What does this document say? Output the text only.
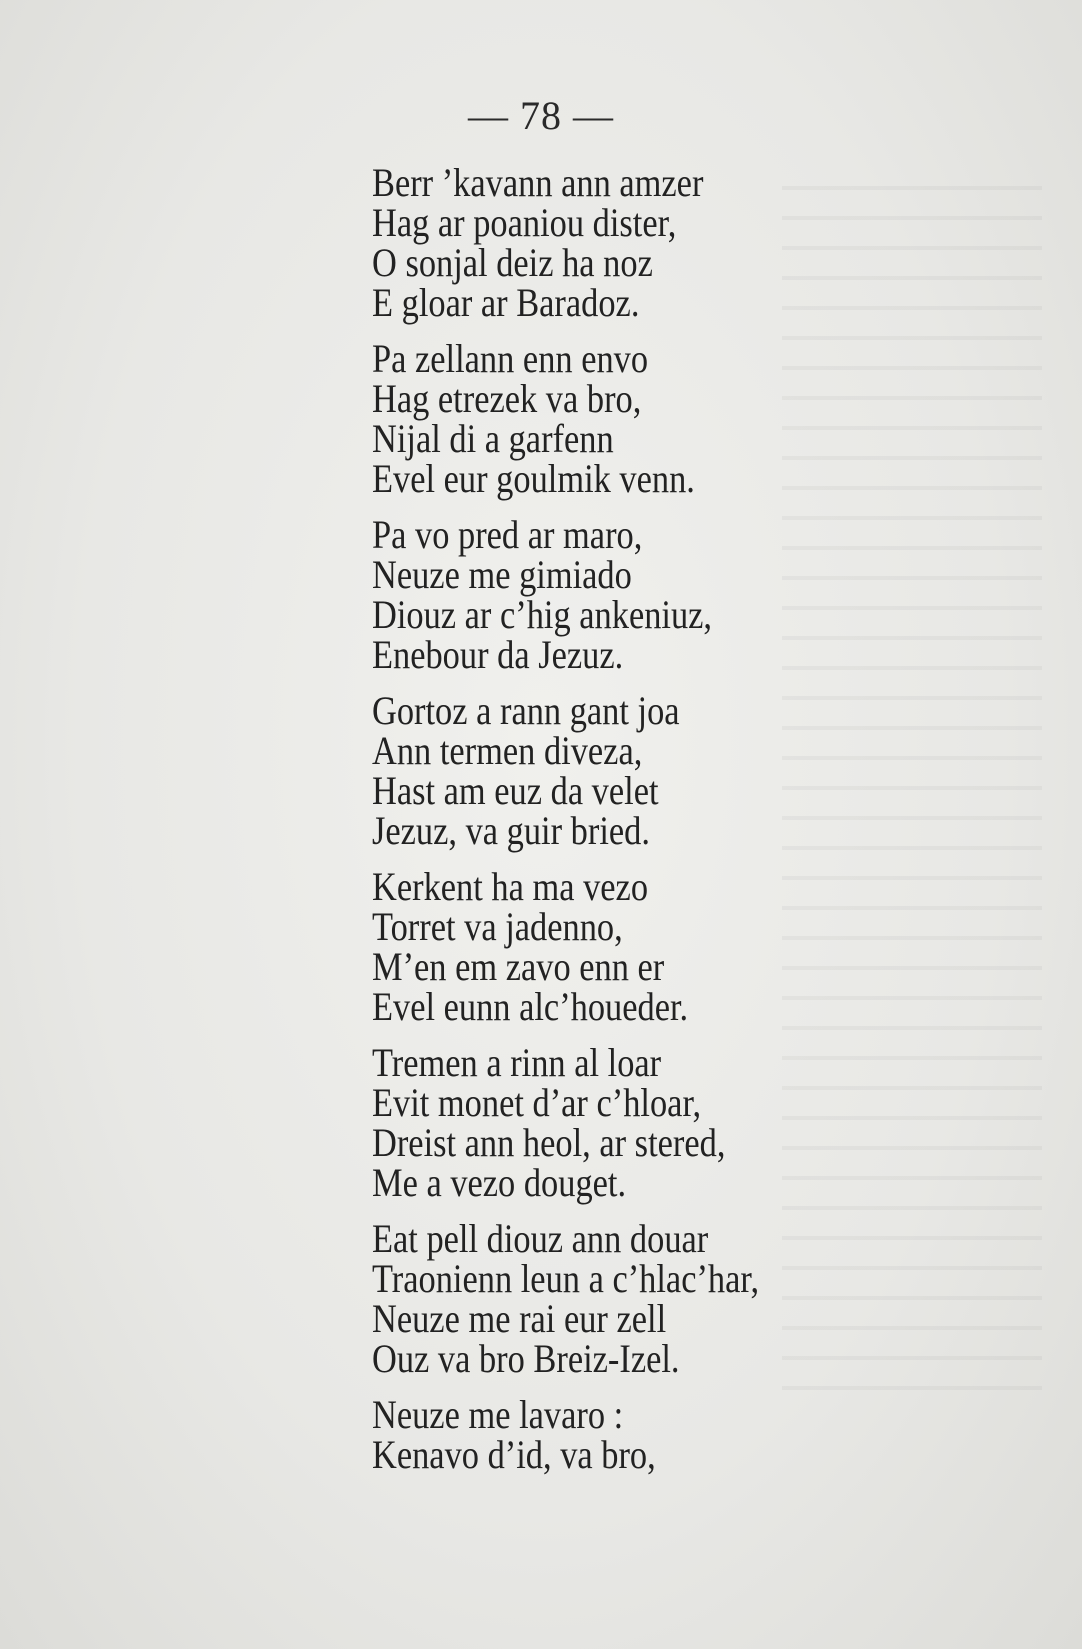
— 78 —
Berr ’kavann ann amzer
Hag ar poaniou dister,
O sonjal deiz ha noz
E gloar ar Baradoz.
Pa zellann enn envo
Hag etrezek va bro,
Nijal di a garfenn
Evel eur goulmik venn.
Pa vo pred ar maro,
Neuze me gimiado
Diouz ar c’hig ankeniuz,
Enebour da Jezuz.
Gortoz a rann gant joa
Ann termen diveza,
Hast am euz da velet
Jezuz, va guir bried.
Kerkent ha ma vezo
Torret va jadenno,
M’en em zavo enn er
Evel eunn alc’houeder.
Tremen a rinn al loar
Evit monet d’ar c’hloar,
Dreist ann heol, ar stered,
Me a vezo douget.
Eat pell diouz ann douar
Traonienn leun a c’hlac’har,
Neuze me rai eur zell
Ouz va bro Breiz-Izel.
Neuze me lavaro :
Kenavo d’id, va bro,
